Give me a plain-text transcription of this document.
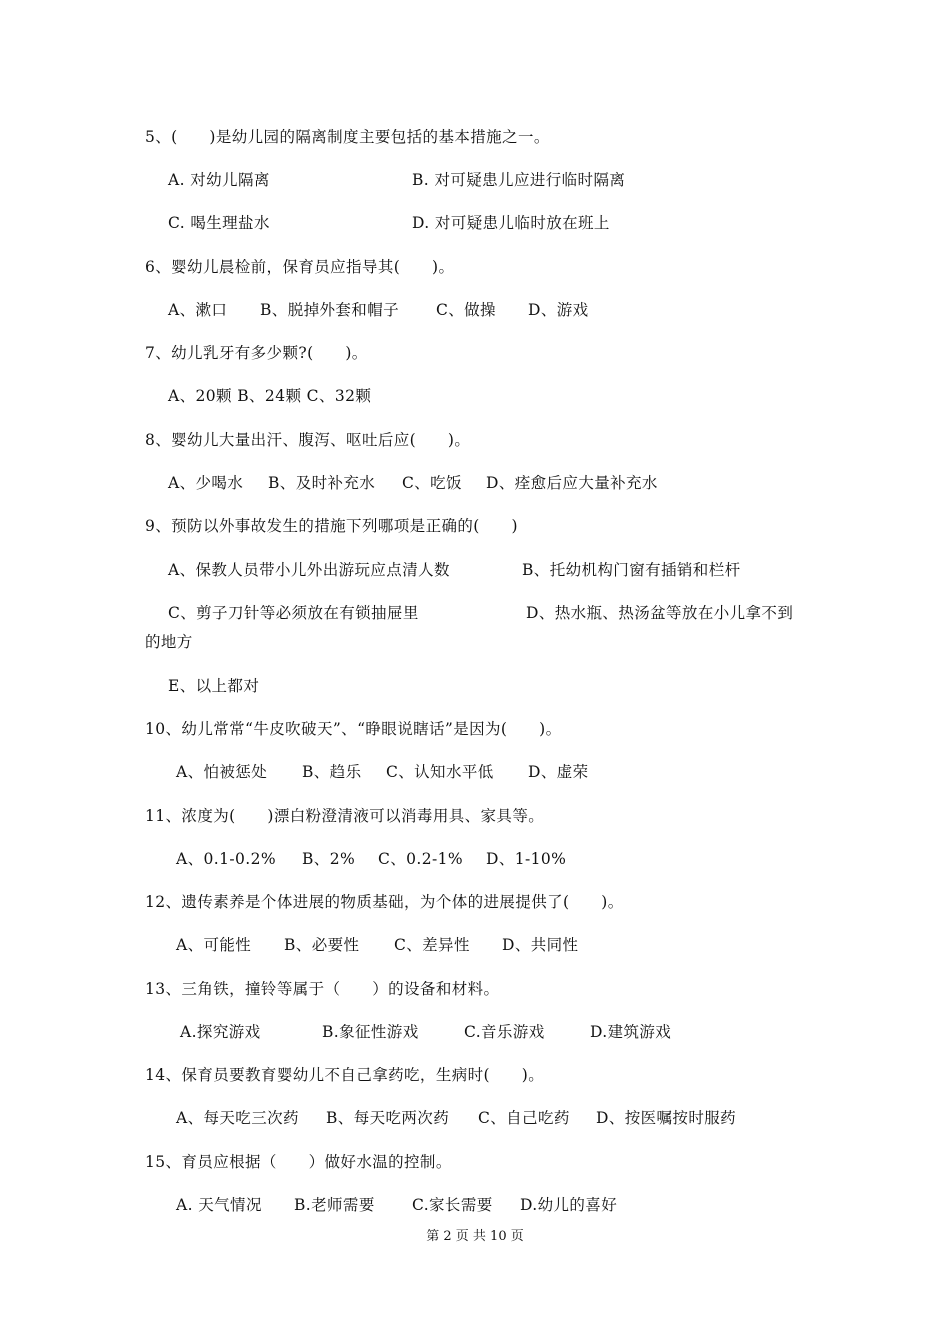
5、(　　)是幼儿园的隔离制度主要包括的基本措施之一。
A. 对幼儿隔离	B. 对可疑患儿应进行临时隔离
C. 喝生理盐水	D. 对可疑患儿临时放在班上
6、婴幼儿晨检前，保育员应指导其(　　)。
A、漱口 B、脱掉外套和帽子 C、做操 D、游戏
7、幼儿乳牙有多少颗?(　　)。
A、20颗 B、24颗 C、32颗
8、婴幼儿大量出汗、腹泻、呕吐后应(　　)。
A、少喝水 B、及时补充水 C、吃饭 D、痊愈后应大量补充水
9、预防以外事故发生的措施下列哪项是正确的(　　)
A、保教人员带小儿外出游玩应点清人数	B、托幼机构门窗有插销和栏杆
C、剪子刀针等必须放在有锁抽屉里	D、热水瓶、热汤盆等放在小儿拿不到
的地方
E、以上都对
10、幼儿常常“牛皮吹破天”、“睁眼说瞎话”是因为(　　)。
A、怕被惩处 B、趋乐 C、认知水平低 D、虚荣
11、浓度为(　　)漂白粉澄清液可以消毒用具、家具等。
A、0.1-0.2% B、2% C、0.2-1% D、1-10%
12、遗传素养是个体进展的物质基础，为个体的进展提供了(　　)。
A、可能性 B、必要性 C、差异性 D、共同性
13、三角铁，撞铃等属于（　　）的设备和材料。
A.探究游戏	B.象征性游戏	C.音乐游戏	D.建筑游戏
14、保育员要教育婴幼儿不自己拿药吃，生病时(　　)。
A、每天吃三次药 B、每天吃两次药 C、自己吃药 D、按医嘱按时服药
15、育员应根据（　　）做好水温的控制。
A. 天气情况 B.老师需要 C.家长需要 D.幼儿的喜好
第 2 页 共 10 页
